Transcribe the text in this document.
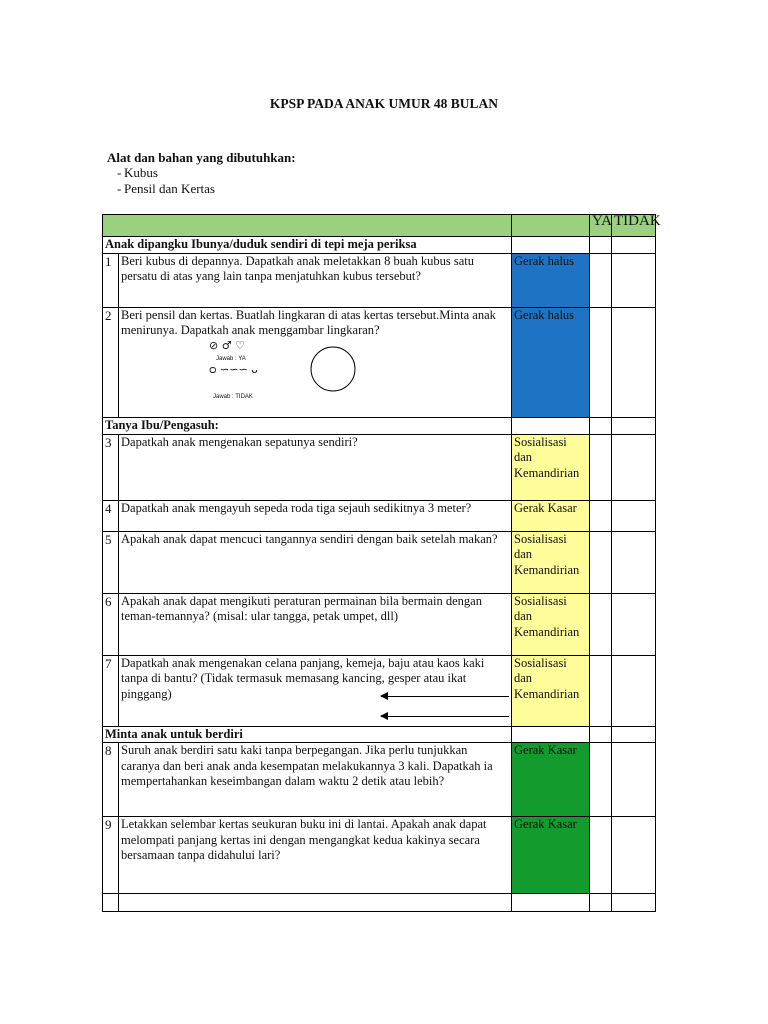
KPSP PADA ANAK UMUR 48 BULAN
Alat dan bahan yang dibutuhkan:
- Kubus
- Pensil dan Kertas
			YA	TIDAK
Anak dipangku Ibunya/duduk sendiri di tepi meja periksa				
1	Beri kubus di depannya. Dapatkah anak meletakkan 8 buah kubus satu persatu di atas yang lain tanpa menjatuhkan kubus tersebut?	Gerak halus		
2	Beri pensil dan kertas. Buatlah lingkaran di atas kertas tersebut.Minta anak menirunya. Dapatkah anak menggambar lingkaran?
⊘ ♂ ♡
Jawab : YA
ᴑ ∽∽∽ ᴗ
Jawab : TIDAK	Gerak halus		
Tanya Ibu/Pengasuh:				
3	Dapatkah anak mengenakan sepatunya sendiri?	Sosialisasi dan Kemandirian		
4	Dapatkah anak mengayuh sepeda roda tiga sejauh sedikitnya 3 meter?	Gerak Kasar		
5	Apakah anak dapat mencuci tangannya sendiri dengan baik setelah makan?	Sosialisasi dan Kemandirian		
6	Apakah anak dapat mengikuti peraturan permainan bila bermain dengan teman-temannya? (misal: ular tangga, petak umpet, dll)	Sosialisasi dan Kemandirian		
7	Dapatkah anak mengenakan celana panjang, kemeja, baju atau kaos kaki tanpa di bantu? (Tidak termasuk memasang kancing, gesper atau ikat pinggang)	Sosialisasi dan Kemandirian		
Minta anak untuk berdiri				
8	Suruh anak berdiri satu kaki tanpa berpegangan. Jika perlu tunjukkan caranya dan beri anak anda kesempatan melakukannya 3 kali. Dapatkah ia mempertahankan keseimbangan dalam waktu 2 detik atau lebih?	Gerak Kasar		
9	Letakkan selembar kertas seukuran buku ini di lantai. Apakah anak dapat melompati panjang kertas ini dengan mengangkat kedua kakinya secara bersamaan tanpa didahului lari?	Gerak Kasar		
